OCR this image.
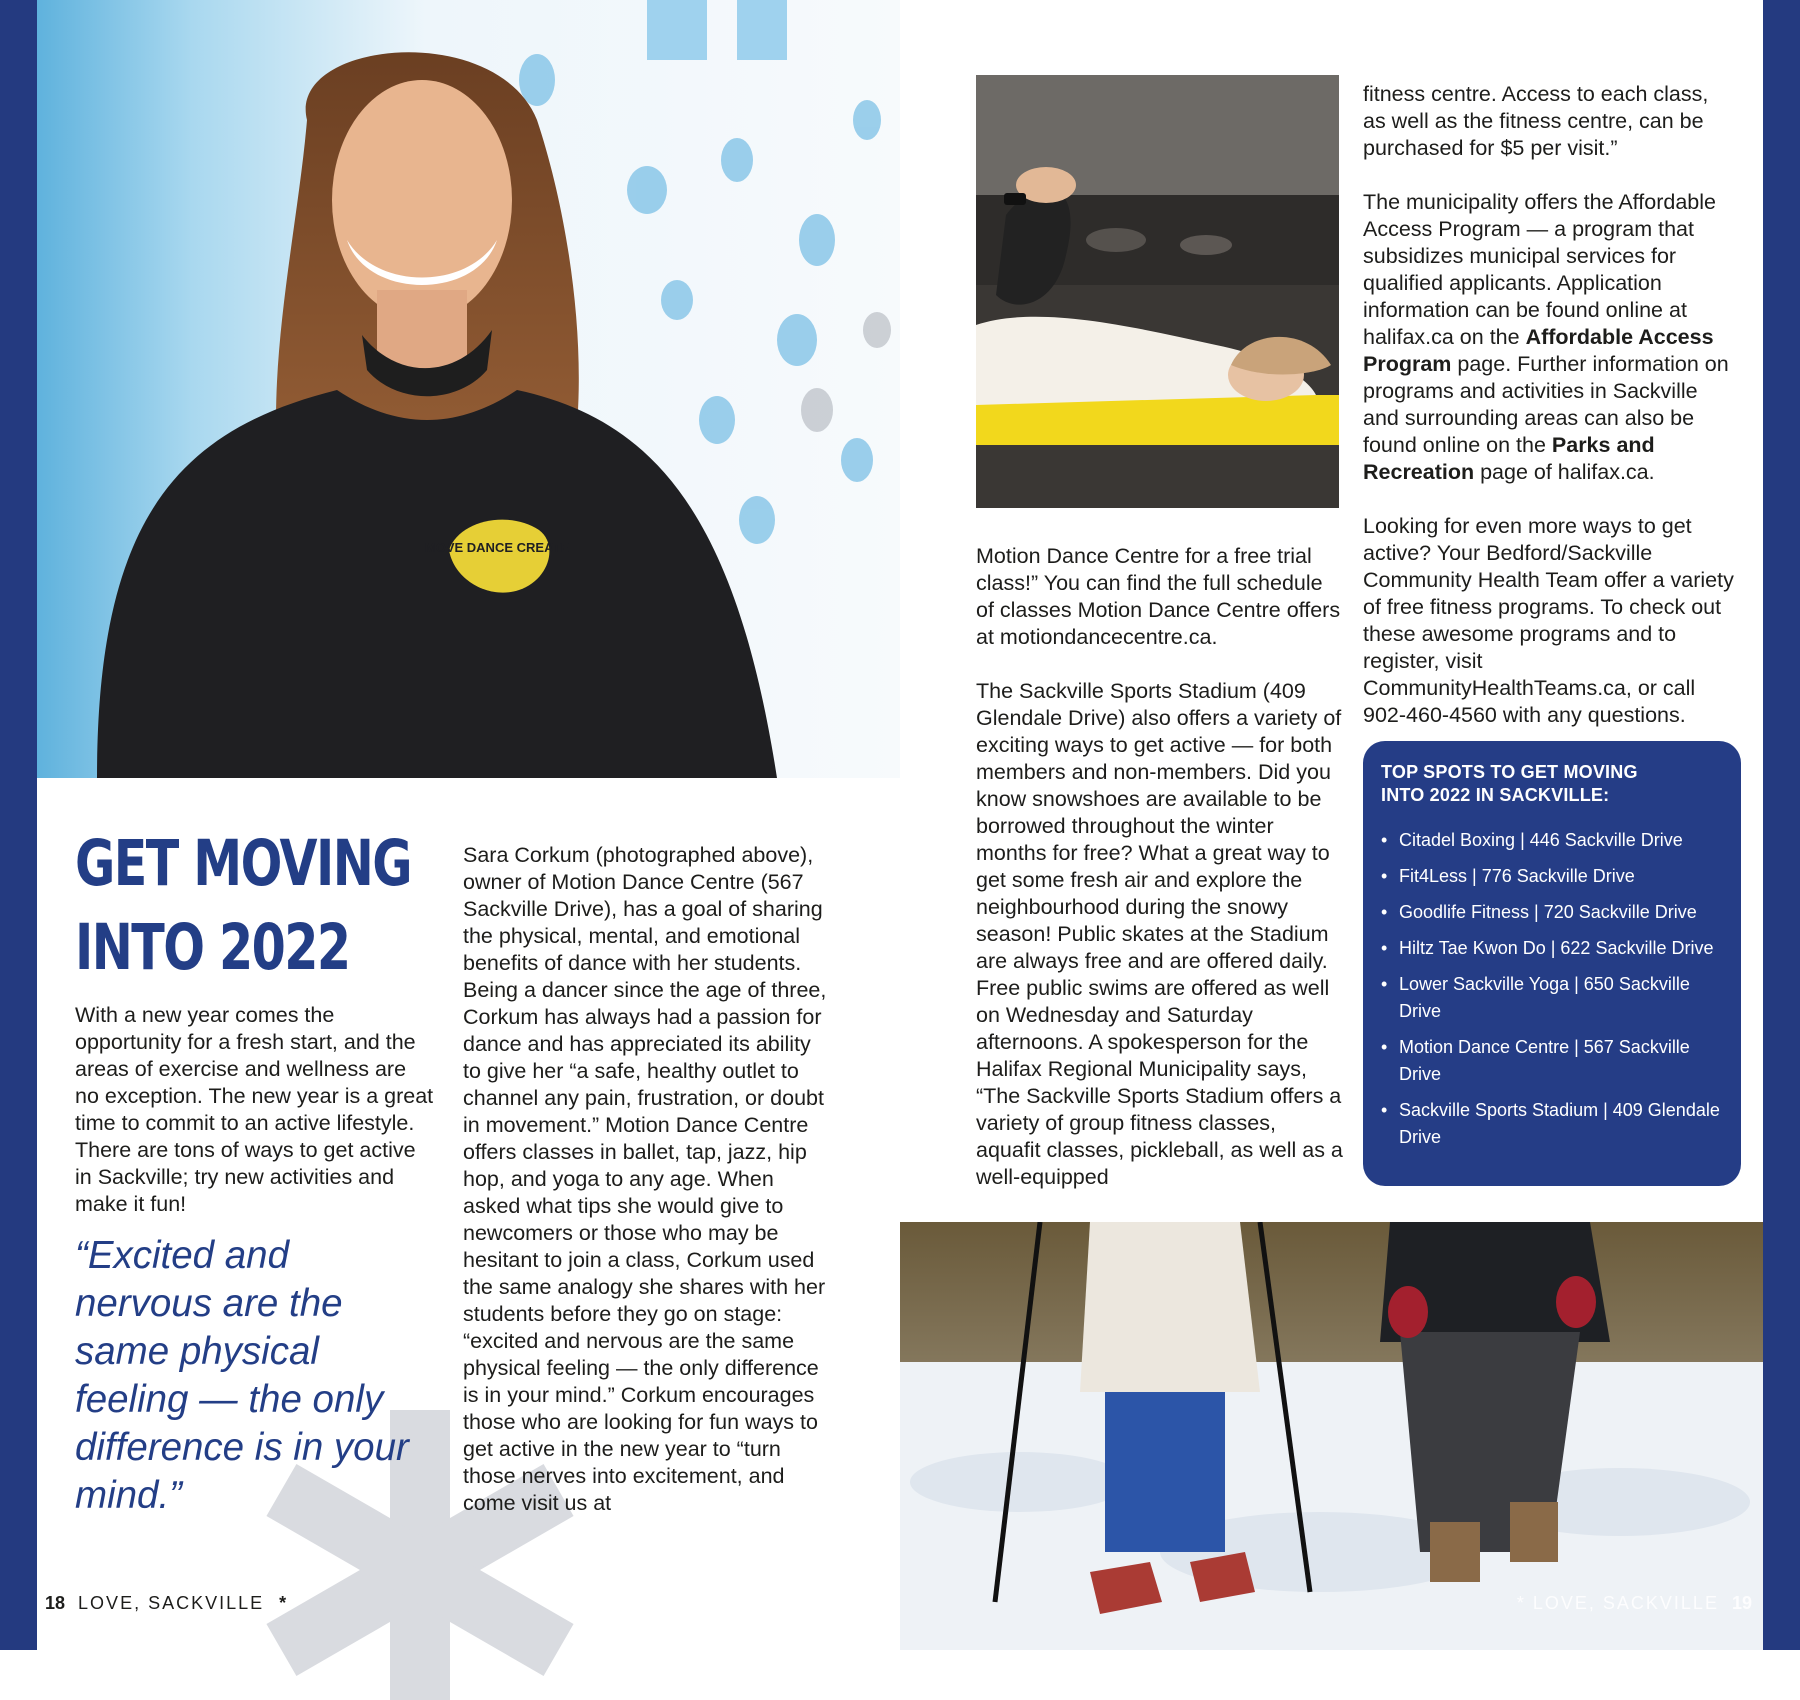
MOVE DANCE CREATE
GET MOVING
INTO 2022

With a new year comes the opportunity for a fresh start, and the areas of exercise and wellness are no exception. The new year is a great time to commit to an active lifestyle. There are tons of ways to get active in Sackville; try new activities and make it fun!

“Excited and nervous are the same physical feeling — the only difference is in your mind.”

Sara Corkum (photographed above), owner of Motion Dance Centre (567 Sackville Drive), has a goal of sharing the physical, mental, and emotional benefits of dance with her students. Being a dancer since the age of three, Corkum has always had a passion for dance and has appreciated its ability to give her “a safe, healthy outlet to channel any pain, frustration, or doubt in movement.” Motion Dance Centre offers classes in ballet, tap, jazz, hip hop, and yoga to any age. When asked what tips she would give to newcomers or those who may be hesitant to join a class, Corkum used the same analogy she shares with her students before they go on stage: “excited and nervous are the same physical feeling — the only difference is in your mind.” Corkum encourages those who are looking for fun ways to get active in the new year to “turn those nerves into excitement, and come visit us at

Motion Dance Centre for a free trial class!” You can find the full schedule of classes Motion Dance Centre offers at motiondancecentre.ca.

The Sackville Sports Stadium (409 Glendale Drive) also offers a variety of exciting ways to get active — for both members and non-members. Did you know snowshoes are available to be borrowed throughout the winter months for free? What a great way to get some fresh air and explore the neighbourhood during the snowy season! Public skates at the Stadium are always free and are offered daily. Free public swims are offered as well on Wednesday and Saturday afternoons. A spokesperson for the Halifax Regional Municipality says, “The Sackville Sports Stadium offers a variety of group fitness classes, aquafit classes, pickleball, as well as a well-equipped

fitness centre. Access to each class, as well as the fitness centre, can be purchased for $5 per visit.”

The municipality offers the Affordable Access Program — a program that subsidizes municipal services for qualified applicants. Application information can be found online at halifax.ca on the Affordable Access Program page. Further information on programs and activities in Sackville and surrounding areas can also be found online on the Parks and Recreation page of halifax.ca.

Looking for even more ways to get active? Your Bedford/Sackville Community Health Team offer a variety of free fitness programs. To check out these awesome programs and to register, visit CommunityHealthTeams.ca, or call 902-460-4560 with any questions.

TOP SPOTS TO GET MOVING
INTO 2022 IN SACKVILLE:
• Citadel Boxing | 446 Sackville Drive
• Fit4Less | 776 Sackville Drive
• Goodlife Fitness | 720 Sackville Drive
• Hiltz Tae Kwon Do | 622 Sackville Drive
• Lower Sackville Yoga | 650 Sackville Drive
• Motion Dance Centre | 567 Sackville Drive
• Sackville Sports Stadium | 409 Glendale Drive
18 LOVE, SACKVILLE *	* LOVE, SACKVILLE 19
